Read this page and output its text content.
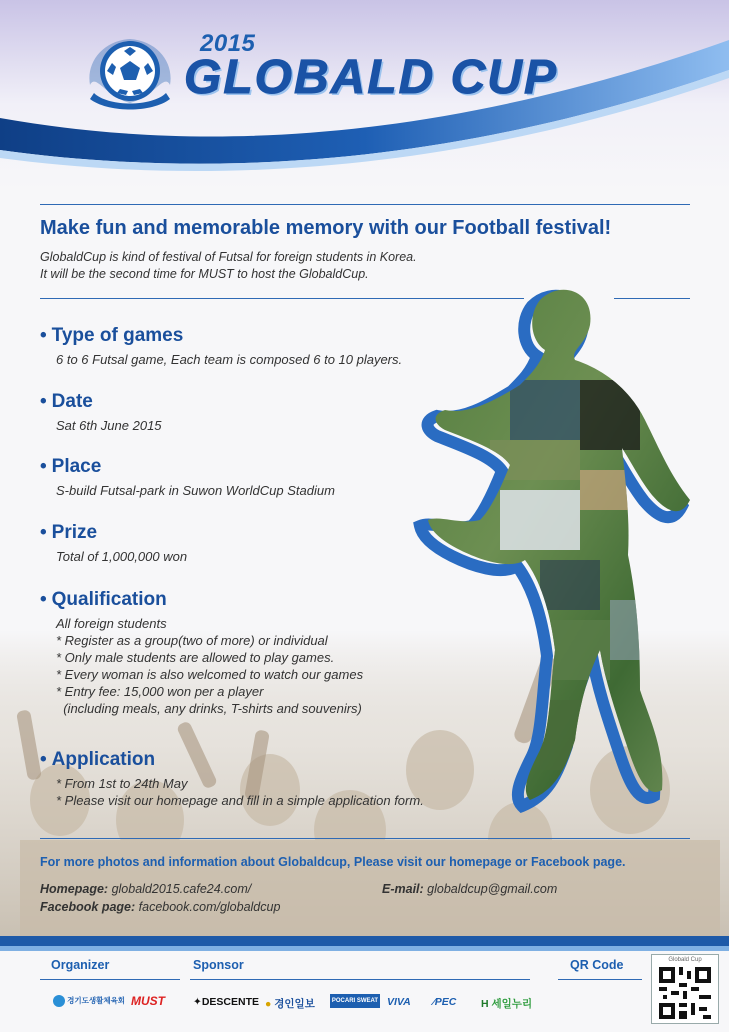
2015
GLOBALD CUP
Make fun and memorable memory with our Football festival!
GlobaldCup is kind of festival of Futsal for foreign students in Korea.
It will be the second time for MUST to host the GlobaldCup.
• Type of games
6 to 6 Futsal game, Each team is composed 6 to 10 players.
• Date
Sat 6th June 2015
• Place
S-build Futsal-park in Suwon WorldCup Stadium
• Prize
Total of 1,000,000 won
• Qualification
All foreign students
* Register as a group(two of more) or individual
* Only male students are allowed to play games.
* Every woman is also welcomed to watch our games
* Entry fee: 15,000 won per a player
(including meals, any drinks, T-shirts and souvenirs)
• Application
* From 1st to 24th May
* Please visit our homepage and fill in a simple application form.
For more photos and information about Globaldcup, Please visit our homepage or Facebook page.
Homepage: globald2015.cafe24.com/	E-mail: globaldcup@gmail.com
Facebook page: facebook.com/globaldcup
Organizer	Sponsor	QR Code
경기도생활체육회 MUST	✦DESCENTE ● 경인일보	POCARI SWEAT VIVA ⁄PEC H 세일누리
Globald Cup
